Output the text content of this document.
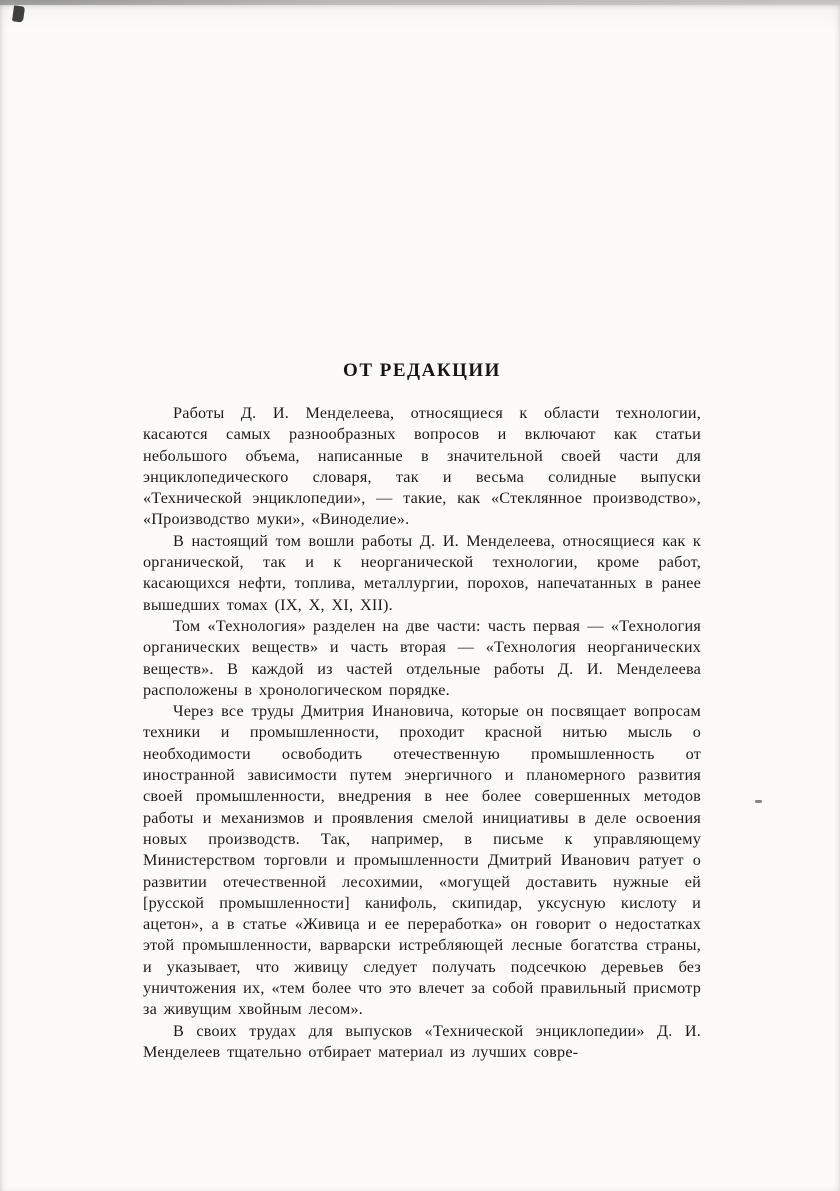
ОТ РЕДАКЦИИ

Работы Д. И. Менделеева, относящиеся к области технологии, касаются самых разнообразных вопросов и включают как статьи небольшого объема, написанные в значительной своей части для энциклопедического словаря, так и весьма солидные выпуски «Технической энциклопедии», — такие, как «Стеклянное производство», «Производство муки», «Виноделие».

В настоящий том вошли работы Д. И. Менделеева, относящиеся как к органической, так и к неорганической технологии, кроме работ, касающихся нефти, топлива, металлургии, порохов, напечатанных в ранее вышедших томах (IX, X, XI, XII).

Том «Технология» разделен на две части: часть первая — «Технология органических веществ» и часть вторая — «Технология неорганических веществ». В каждой из частей отдельные работы Д. И. Менделеева расположены в хронологическом порядке.

Через все труды Дмитрия Инановича, которые он посвящает вопросам техники и промышленности, проходит красной нитью мысль о необходимости освободить отечественную промышленность от иностранной зависимости путем энергичного и планомерного развития своей промышленности, внедрения в нее более совершенных методов работы и механизмов и проявления смелой инициативы в деле освоения новых производств. Так, например, в письме к управляющему Министерством торговли и промышленности Дмитрий Иванович ратует о развитии отечественной лесохимии, «могущей доставить нужные ей [русской промышленности] канифоль, скипидар, уксусную кислоту и ацетон», а в статье «Живица и ее переработка» он говорит о недостатках этой промышленности, варварски истребляющей лесные богатства страны, и указывает, что живицу следует получать подсечкою деревьев без уничтожения их, «тем более что это влечет за собой правильный присмотр за живущим хвойным лесом».

В своих трудах для выпусков «Технической энциклопедии» Д. И. Менделеев тщательно отбирает материал из лучших совре-
